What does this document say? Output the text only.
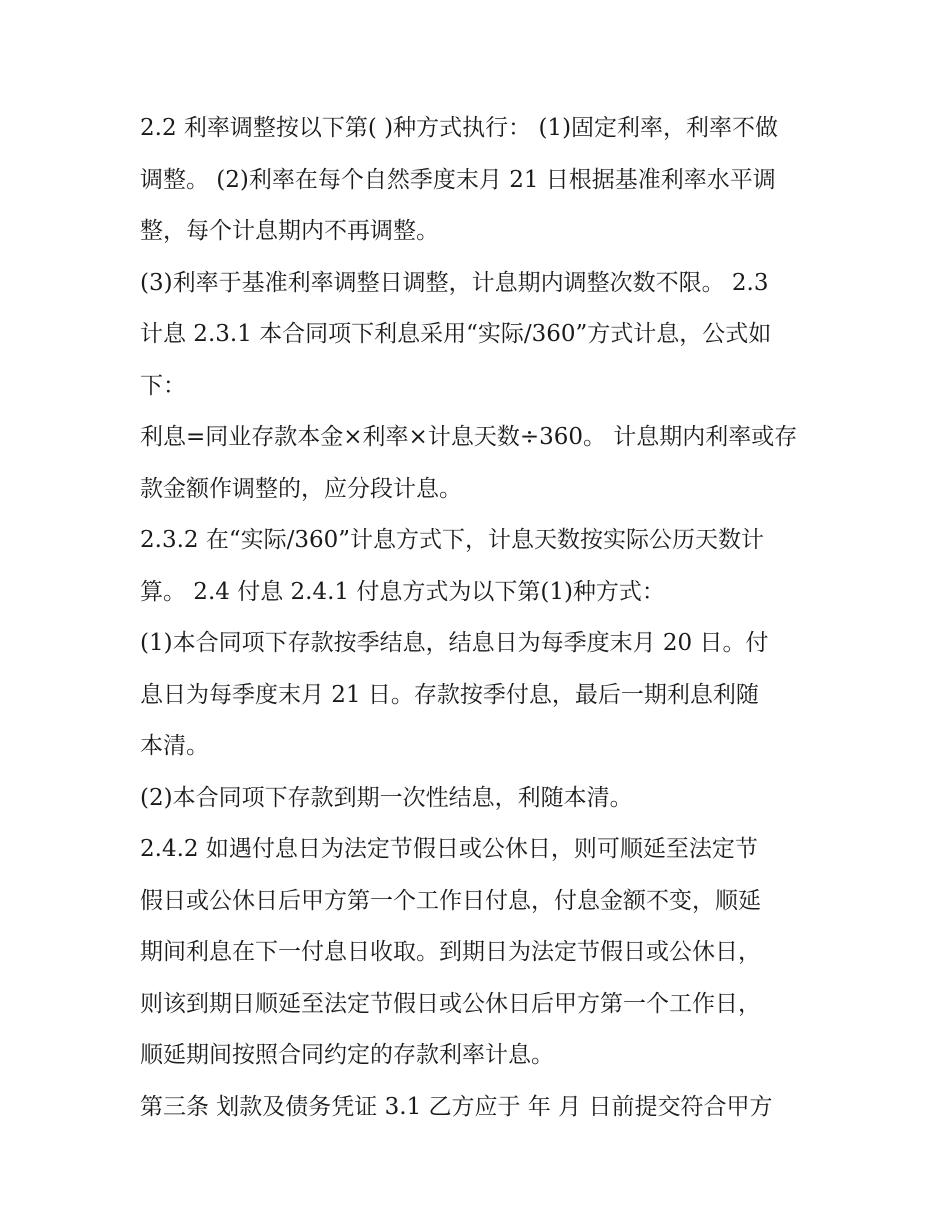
2.2 利率调整按以下第( )种方式执行： (1)固定利率，利率不做
调整。 (2)利率在每个自然季度末月 21 日根据基准利率水平调
整，每个计息期内不再调整。

(3)利率于基准利率调整日调整，计息期内调整次数不限。 2.3
计息 2.3.1 本合同项下利息采用“实际/360”方式计息，公式如
下：

利息=同业存款本金×利率×计息天数÷360。 计息期内利率或存
款金额作调整的，应分段计息。

2.3.2 在“实际/360”计息方式下，计息天数按实际公历天数计
算。 2.4 付息 2.4.1 付息方式为以下第(1)种方式：

(1)本合同项下存款按季结息，结息日为每季度末月 20 日。付
息日为每季度末月 21 日。存款按季付息，最后一期利息利随
本清。

(2)本合同项下存款到期一次性结息，利随本清。

2.4.2 如遇付息日为法定节假日或公休日，则可顺延至法定节
假日或公休日后甲方第一个工作日付息，付息金额不变，顺延
期间利息在下一付息日收取。到期日为法定节假日或公休日，
则该到期日顺延至法定节假日或公休日后甲方第一个工作日，
顺延期间按照合同约定的存款利率计息。

第三条 划款及债务凭证 3.1 乙方应于 年 月 日前提交符合甲方
